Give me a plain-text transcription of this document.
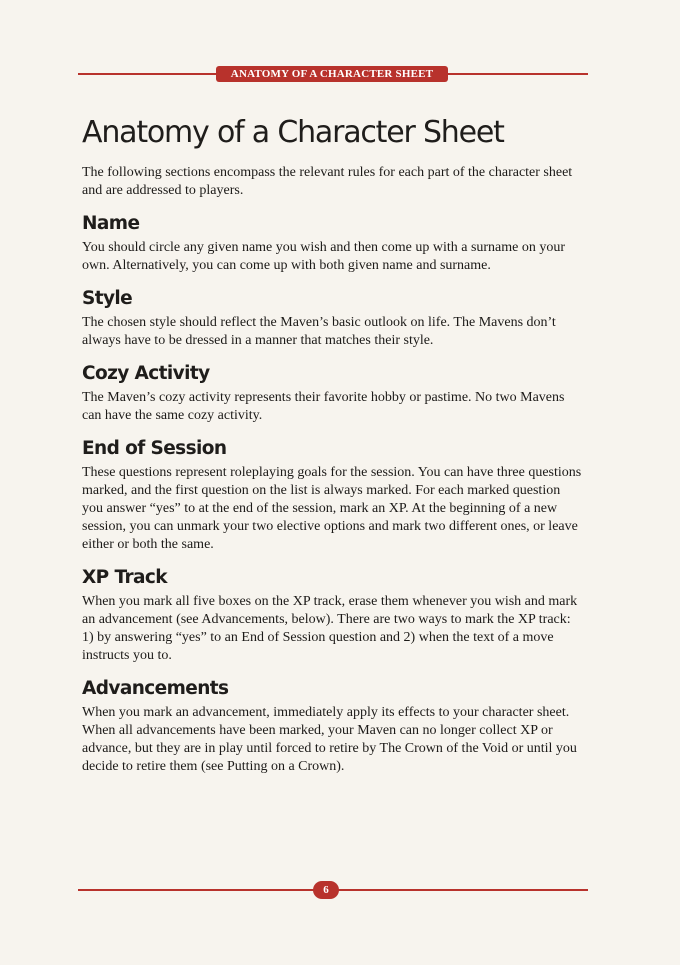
ANATOMY OF A CHARACTER SHEET
Anatomy of a Character Sheet

The following sections encompass the relevant rules for each part of the character sheet and are addressed to players.

Name

You should circle any given name you wish and then come up with a surname on your own. Alternatively, you can come up with both given name and surname.

Style

The chosen style should reflect the Maven’s basic outlook on life. The Mavens don’t always have to be dressed in a manner that matches their style.

Cozy Activity

The Maven’s cozy activity represents their favorite hobby or pastime. No two Mavens can have the same cozy activity.

End of Session

These questions represent roleplaying goals for the session. You can have three questions marked, and the first question on the list is always marked. For each marked question you answer “yes” to at the end of the session, mark an XP. At the beginning of a new session, you can unmark your two elective options and mark two different ones, or leave either or both the same.

XP Track

When you mark all five boxes on the XP track, erase them whenever you wish and mark an advancement (see Advancements, below). There are two ways to mark the XP track: 1) by answering “yes” to an End of Session question and 2) when the text of a move instructs you to.

Advancements

When you mark an advancement, immediately apply its effects to your character sheet. When all advancements have been marked, your Maven can no longer collect XP or advance, but they are in play until forced to retire by The Crown of the Void or until you decide to retire them (see Putting on a Crown).

6
